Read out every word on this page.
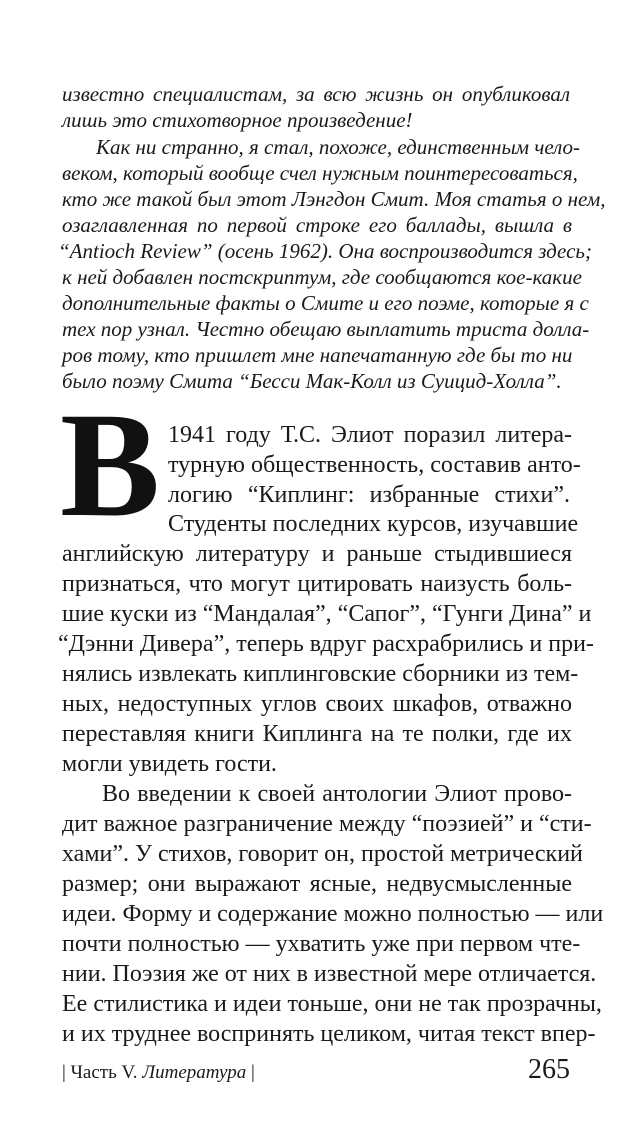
известно специалистам, за всю жизнь он опубликовал

лишь это стихотворное произведение!

Как ни странно, я стал, похоже, единственным чело-

веком, который вообще счел нужным поинтересоваться,

кто же такой был этот Лэнгдон Смит. Моя статья о нем,

озаглавленная по первой строке его баллады, вышла в

“Antioch Review” (осень 1962). Она воспроизводится здесь;

к ней добавлен постскриптум, где сообщаются кое-какие

дополнительные факты о Смите и его поэме, которые я с

тех пор узнал. Честно обещаю выплатить триста долла-

ров тому, кто пришлет мне напечатанную где бы то ни

было поэму Смита “Бесси Мак-Колл из Суицид-Холла”.

В 1941 году Т.С. Элиот поразил литера-

турную общественность, составив анто-

логию “Киплинг: избранные стихи”.

Студенты последних курсов, изучавшие

английскую литературу и раньше стыдившиеся

признаться, что могут цитировать наизусть боль-

шие куски из “Мандалая”, “Сапог”, “Гунги Дина” и

“Дэнни Дивера”, теперь вдруг расхрабрились и при-

нялись извлекать киплинговские сборники из тем-

ных, недоступных углов своих шкафов, отважно

переставляя книги Киплинга на те полки, где их

могли увидеть гости.

Во введении к своей антологии Элиот прово-

дит важное разграничение между “поэзией” и “сти-

хами”. У стихов, говорит он, простой метрический

размер; они выражают ясные, недвусмысленные

идеи. Форму и содержание можно полностью — или

почти полностью — ухватить уже при первом чте-

нии. Поэзия же от них в известной мере отличается.

Ее стилистика и идеи тоньше, они не так прозрачны,

и их труднее воспринять целиком, читая текст впер-

| Часть V. Литература |	265
